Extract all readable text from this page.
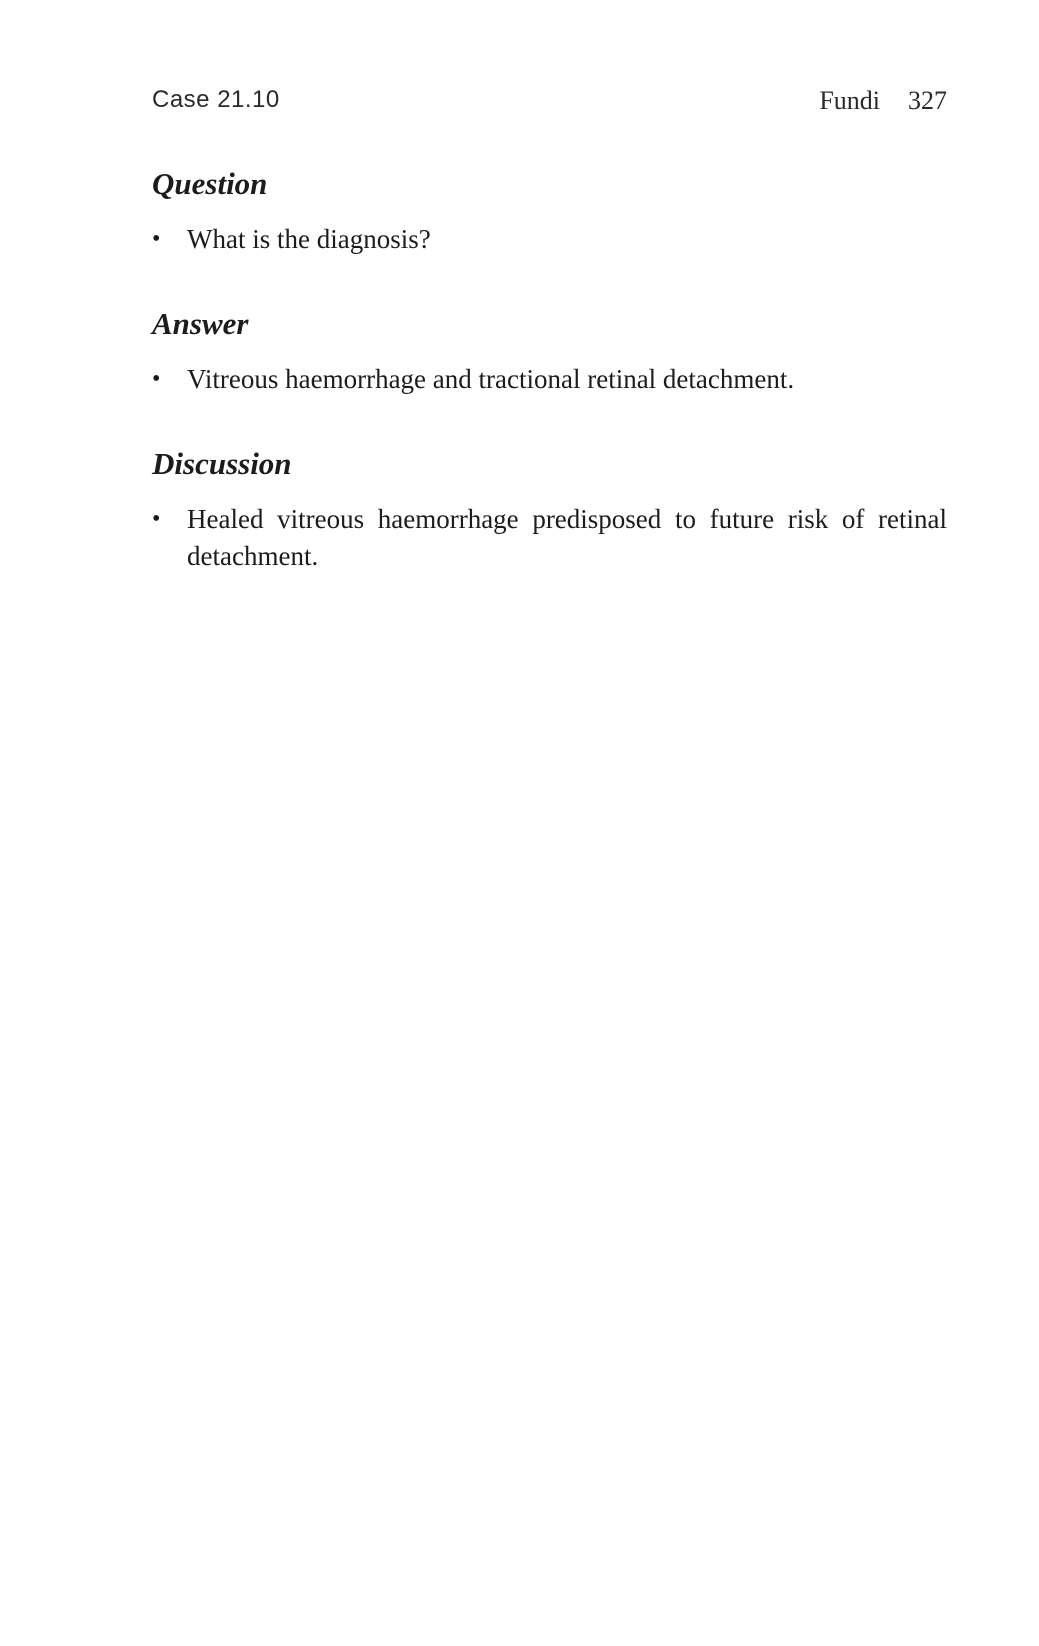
Case 21.10	Fundi 327
Question
• What is the diagnosis?
Answer
• Vitreous haemorrhage and tractional retinal detachment.
Discussion
• Healed vitreous haemorrhage predisposed to future risk of retinal detachment.
